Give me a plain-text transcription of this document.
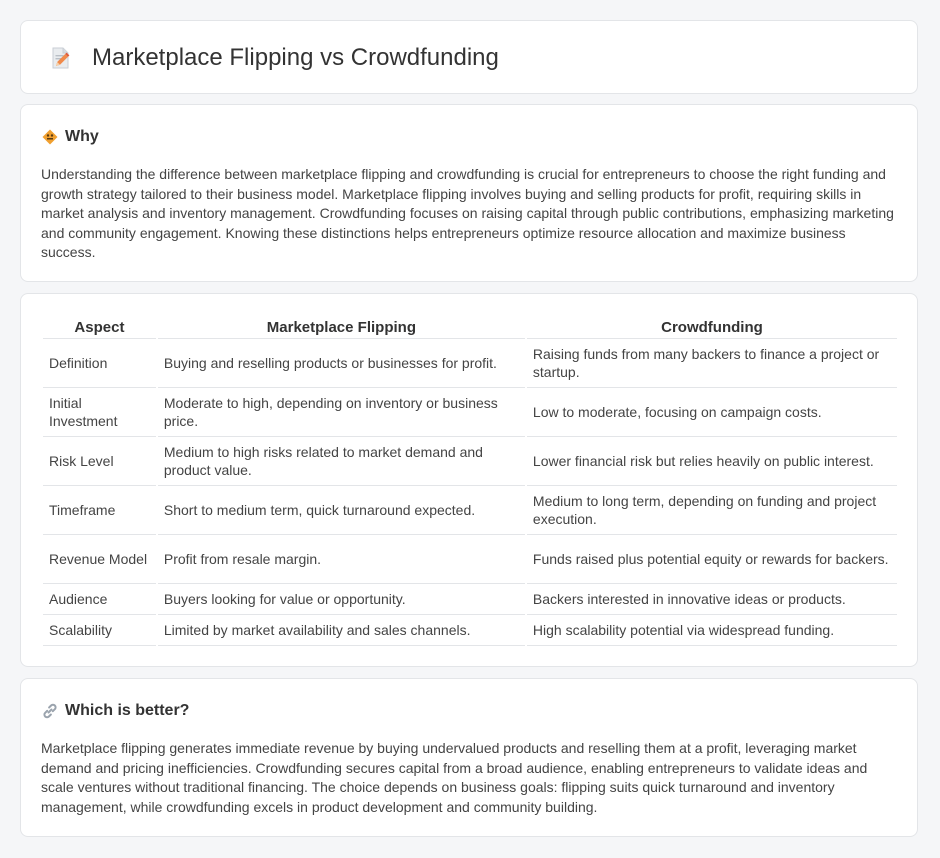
Marketplace Flipping vs Crowdfunding
Why

Understanding the difference between marketplace flipping and crowdfunding is crucial for entrepreneurs to choose the right funding and growth strategy tailored to their business model. Marketplace flipping involves buying and selling products for profit, requiring skills in market analysis and inventory management. Crowdfunding focuses on raising capital through public contributions, emphasizing marketing and community engagement. Knowing these distinctions helps entrepreneurs optimize resource allocation and maximize business success.

Aspect	Marketplace Flipping	Crowdfunding
Definition	Buying and reselling products or businesses for profit.	Raising funds from many backers to finance a project or startup.
Initial Investment	Moderate to high, depending on inventory or business price.	Low to moderate, focusing on campaign costs.
Risk Level	Medium to high risks related to market demand and product value.	Lower financial risk but relies heavily on public interest.
Timeframe	Short to medium term, quick turnaround expected.	Medium to long term, depending on funding and project execution.
Revenue Model	Profit from resale margin.	Funds raised plus potential equity or rewards for backers.
Audience	Buyers looking for value or opportunity.	Backers interested in innovative ideas or products.
Scalability	Limited by market availability and sales channels.	High scalability potential via widespread funding.
Which is better?

Marketplace flipping generates immediate revenue by buying undervalued products and reselling them at a profit, leveraging market demand and pricing inefficiencies. Crowdfunding secures capital from a broad audience, enabling entrepreneurs to validate ideas and scale ventures without traditional financing. The choice depends on business goals: flipping suits quick turnaround and inventory management, while crowdfunding excels in product development and community building.
